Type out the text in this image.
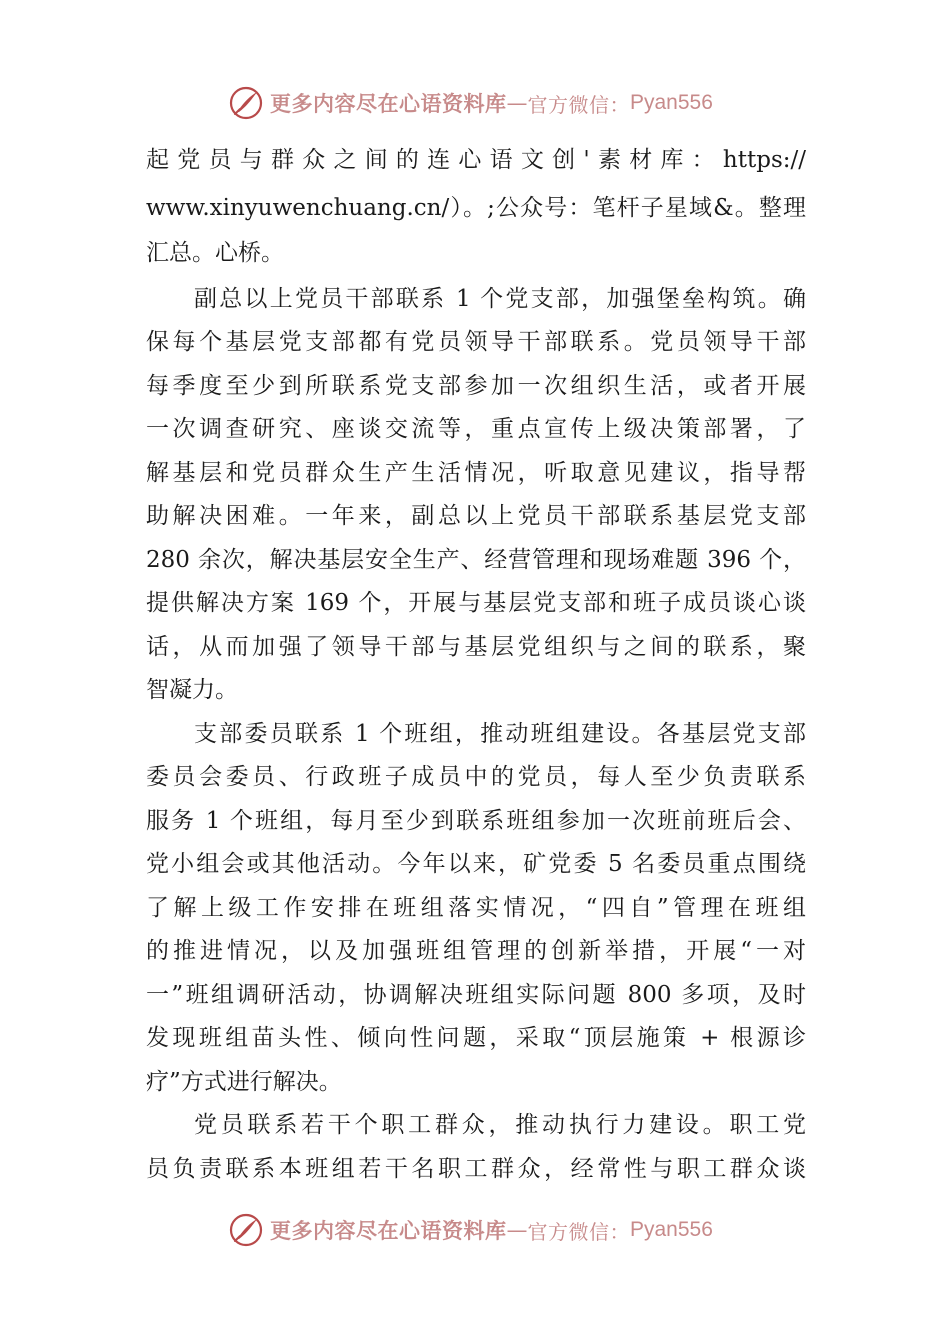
更多内容尽在心语资料库 — 官方微信： Pyan556
起党员与群众之间的连心语文创'素材库：https://
www.xinyuwenchuang.cn/）。;公众号：笔杆子星域&。整理
汇总。心桥。
副总以上党员干部联系 1 个党支部，加强堡垒构筑。确
保每个基层党支部都有党员领导干部联系。党员领导干部
每季度至少到所联系党支部参加一次组织生活，或者开展
一次调查研究、座谈交流等，重点宣传上级决策部署，了
解基层和党员群众生产生活情况，听取意见建议，指导帮
助解决困难。一年来，副总以上党员干部联系基层党支部
280 余次，解决基层安全生产、经营管理和现场难题 396 个，
提供解决方案 169 个，开展与基层党支部和班子成员谈心谈
话，从而加强了领导干部与基层党组织与之间的联系，聚
智凝力。
支部委员联系 1 个班组，推动班组建设。各基层党支部
委员会委员、行政班子成员中的党员，每人至少负责联系
服务 1 个班组，每月至少到联系班组参加一次班前班后会、
党小组会或其他活动。今年以来，矿党委 5 名委员重点围绕
了解上级工作安排在班组落实情况，“四自”管理在班组
的推进情况，以及加强班组管理的创新举措，开展“一对
一”班组调研活动，协调解决班组实际问题 800 多项，及时
发现班组苗头性、倾向性问题，采取“顶层施策 + 根源诊
疗”方式进行解决。
党员联系若干个职工群众，推动执行力建设。职工党
员负责联系本班组若干名职工群众，经常性与职工群众谈
更多内容尽在心语资料库 — 官方微信： Pyan556
